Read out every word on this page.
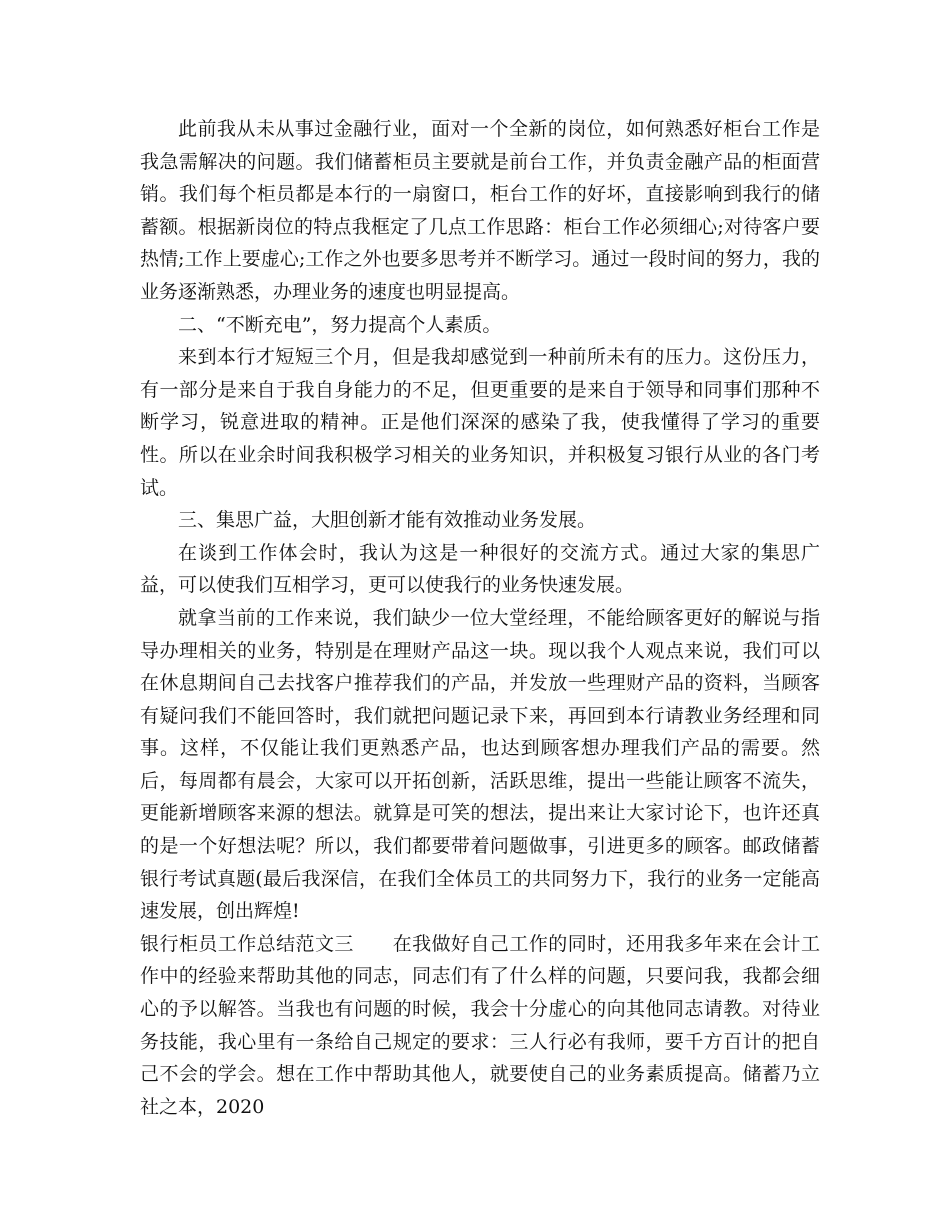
此前我从未从事过金融行业，面对一个全新的岗位，如何熟悉好柜台工作是我急需解决的问题。我们储蓄柜员主要就是前台工作，并负责金融产品的柜面营销。我们每个柜员都是本行的一扇窗口，柜台工作的好坏，直接影响到我行的储蓄额。根据新岗位的特点我框定了几点工作思路：柜台工作必须细心;对待客户要热情;工作上要虚心;工作之外也要多思考并不断学习。通过一段时间的努力，我的业务逐渐熟悉，办理业务的速度也明显提高。

二、“不断充电”，努力提高个人素质。

来到本行才短短三个月，但是我却感觉到一种前所未有的压力。这份压力，有一部分是来自于我自身能力的不足，但更重要的是来自于领导和同事们那种不断学习，锐意进取的精神。正是他们深深的感染了我，使我懂得了学习的重要性。所以在业余时间我积极学习相关的业务知识，并积极复习银行从业的各门考试。

三、集思广益，大胆创新才能有效推动业务发展。

在谈到工作体会时，我认为这是一种很好的交流方式。通过大家的集思广益，可以使我们互相学习，更可以使我行的业务快速发展。

就拿当前的工作来说，我们缺少一位大堂经理，不能给顾客更好的解说与指导办理相关的业务，特别是在理财产品这一块。现以我个人观点来说，我们可以在休息期间自己去找客户推荐我们的产品，并发放一些理财产品的资料，当顾客有疑问我们不能回答时，我们就把问题记录下来，再回到本行请教业务经理和同事。这样，不仅能让我们更熟悉产品，也达到顾客想办理我们产品的需要。然后，每周都有晨会，大家可以开拓创新，活跃思维，提出一些能让顾客不流失，更能新增顾客来源的想法。就算是可笑的想法，提出来让大家讨论下，也许还真的是一个好想法呢？所以，我们都要带着问题做事，引进更多的顾客。邮政储蓄银行考试真题(最后我深信，在我们全体员工的共同努力下，我行的业务一定能高速发展，创出辉煌!

银行柜员工作总结范文三　　在我做好自己工作的同时，还用我多年来在会计工作中的经验来帮助其他的同志，同志们有了什么样的问题，只要问我，我都会细心的予以解答。当我也有问题的时候，我会十分虚心的向其他同志请教。对待业务技能，我心里有一条给自己规定的要求：三人行必有我师，要千方百计的把自己不会的学会。想在工作中帮助其他人，就要使自己的业务素质提高。储蓄乃立社之本，2020
